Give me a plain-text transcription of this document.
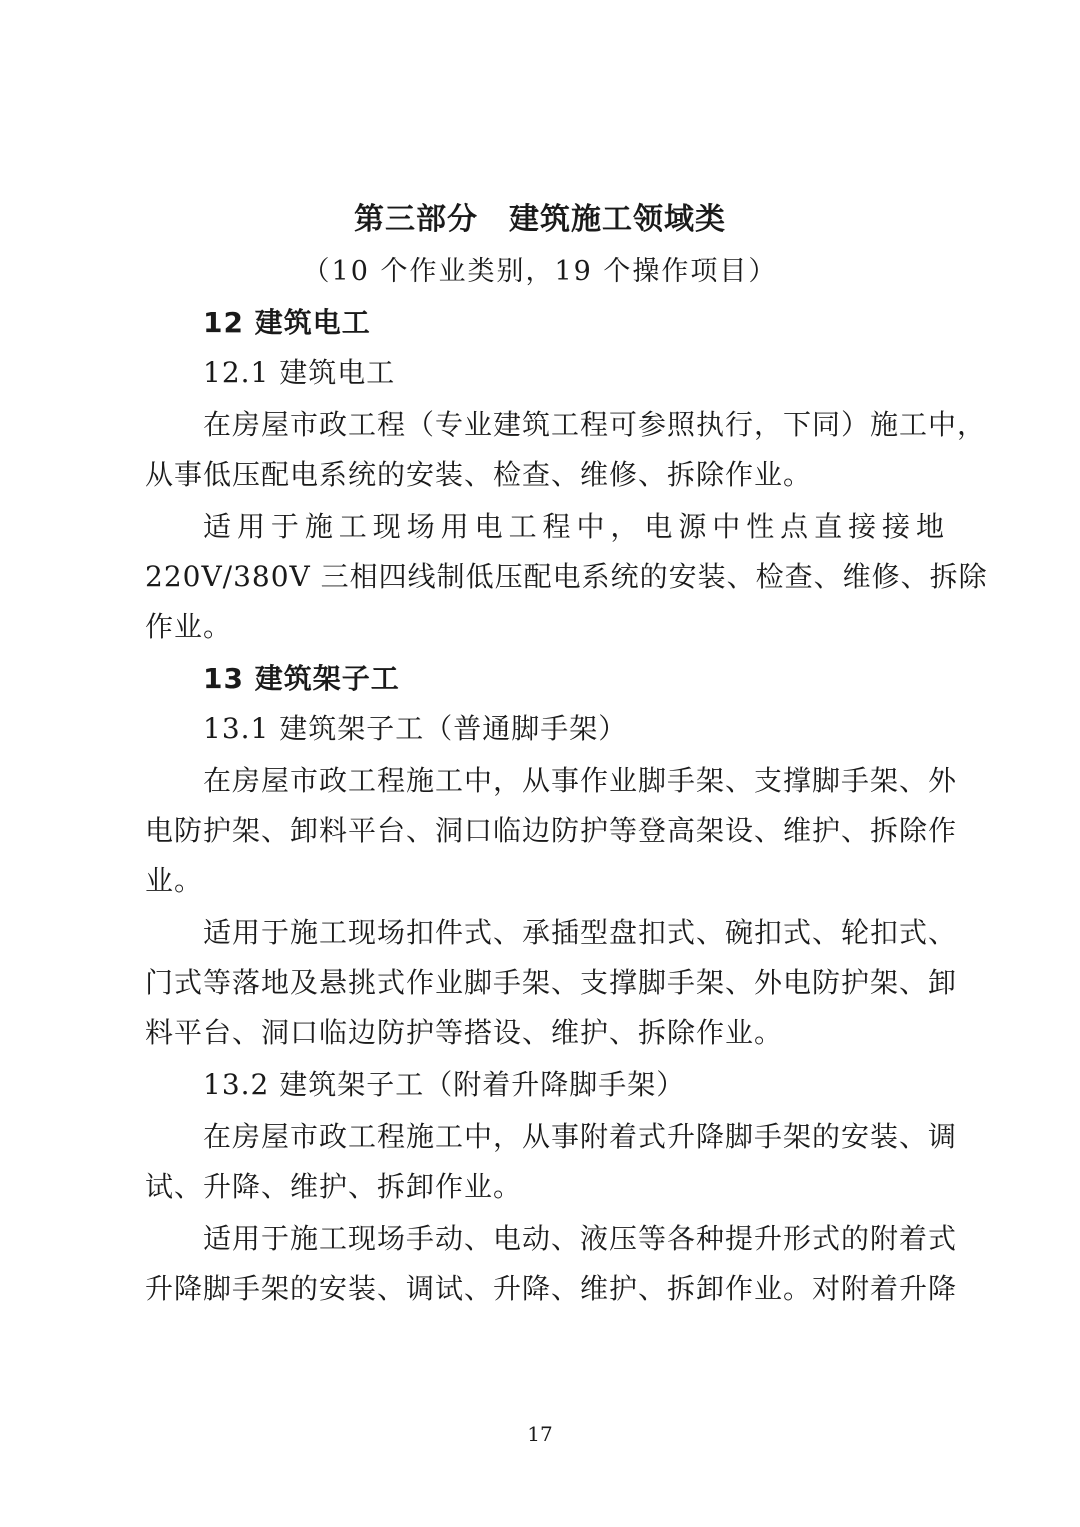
第三部分　建筑施工领域类
（10 个作业类别，19 个操作项目）
12 建筑电工
12.1 建筑电工
在房屋市政工程（专业建筑工程可参照执行，下同）施工中，
从事低压配电系统的安装、检查、维修、拆除作业。
适用于施工现场用电工程中，电源中性点直接接地
220V/380V 三相四线制低压配电系统的安装、检查、维修、拆除
作业。
13 建筑架子工
13.1 建筑架子工（普通脚手架）
在房屋市政工程施工中，从事作业脚手架、支撑脚手架、外
电防护架、卸料平台、洞口临边防护等登高架设、维护、拆除作
业。
适用于施工现场扣件式、承插型盘扣式、碗扣式、轮扣式、
门式等落地及悬挑式作业脚手架、支撑脚手架、外电防护架、卸
料平台、洞口临边防护等搭设、维护、拆除作业。
13.2 建筑架子工（附着升降脚手架）
在房屋市政工程施工中，从事附着式升降脚手架的安装、调
试、升降、维护、拆卸作业。
适用于施工现场手动、电动、液压等各种提升形式的附着式
升降脚手架的安装、调试、升降、维护、拆卸作业。对附着升降
17
